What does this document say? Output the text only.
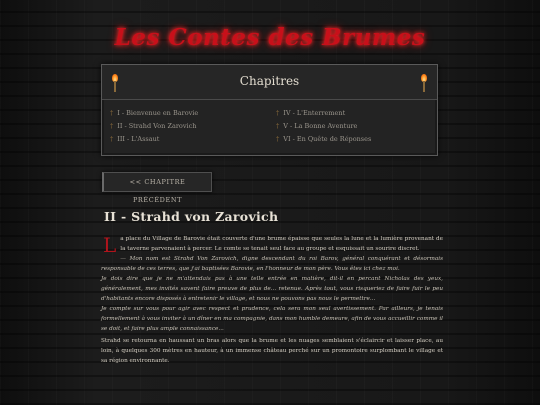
Les Contes des Brumes
Chapitres
† I - Bienvenue en Barovie
† II - Strahd Von Zarovich
† III - L'Assaut
† IV - L'Enterrement
† V - La Bonne Aventure
† VI - En Quête de Réponses
<< CHAPITRE PRÉCÉDENT
II - Strahd von Zarovich

La place du Village de Barovie était couverte d'une brume épaisse que seules la lune et la lumière provenant de la taverne parvenaient à percer. Le comte se tenait seul face au groupe et esquissait un sourire discret.

— Mon nom est Strahd Von Zarovich, digne descendant du roi Barov, général conquérant et désormais responsable de ces terres, que j'ai baptisées Barovie, en l'honneur de mon père. Vous êtes ici chez moi.

Je dois dire que je ne m'attendais pas à une telle entrée en matière, dit-il en percant Nicholas des yeux, généralement, mes invités savent faire preuve de plus de... retenue. Après tout, vous risqueriez de faire fuir le peu d'habitants encore disposés à entretenir le village, et nous ne pouvons pas nous le permettre...

Je compte sur vous pour agir avec respect et prudence, cela sera mon seul avertissement. Par ailleurs, je tenais formellement à vous inviter à un dîner en ma compagnie, dans mon humble demeure, afin de vous accueillir comme il se doit, et faire plus ample connaissance...

Strahd se retourna en haussant un bras alors que la brume et les nuages semblaient s'éclaircir et laisser place, au loin, à quelques 300 mètres en hauteur, à un immense château perché sur un promontoire surplombant le village et sa région environnante.
